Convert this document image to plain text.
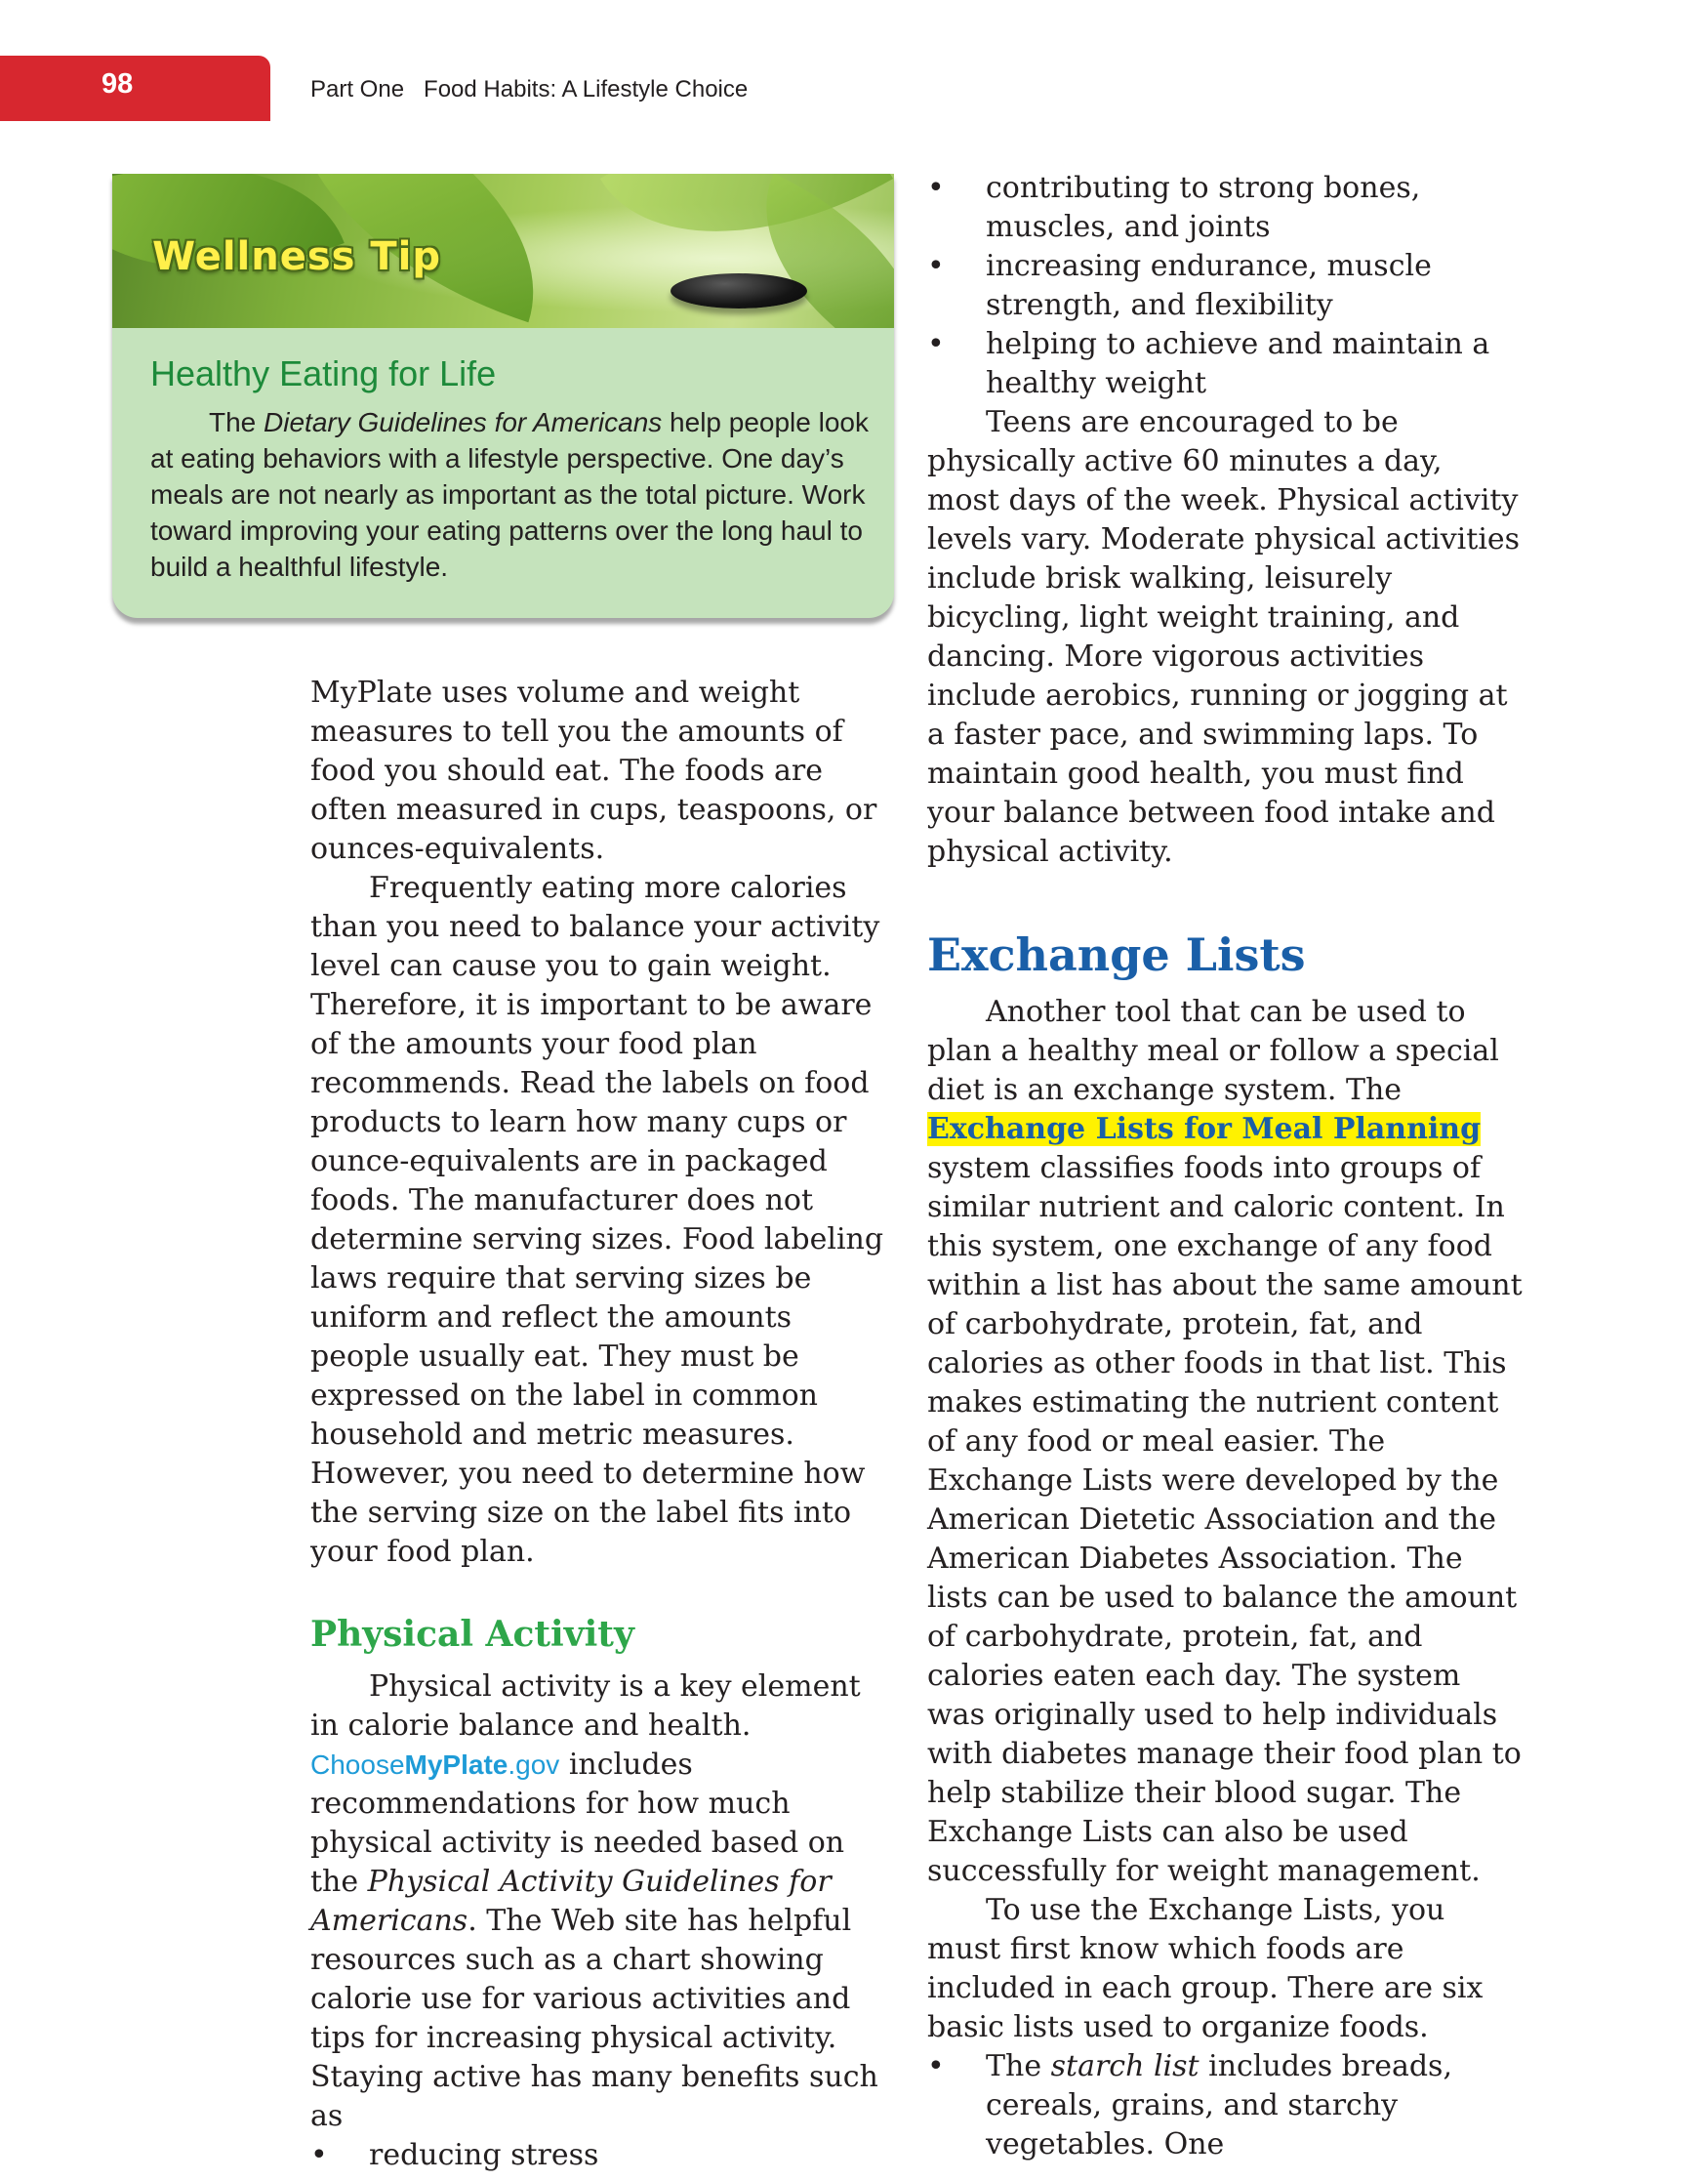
98	Part One Food Habits: A Lifestyle Choice
Wellness Tip
Healthy Eating for Life

The Dietary Guidelines for Americans help people look at eating behaviors with a lifestyle perspective. One day’s meals are not nearly as important as the total picture. Work toward improving your eating patterns over the long haul to build a healthful lifestyle.

MyPlate uses volume and weight measures to tell you the amounts of food you should eat. The foods are often measured in cups, teaspoons, or ounces-equivalents.

Frequently eating more calories than you need to balance your activity level can cause you to gain weight. Therefore, it is important to be aware of the amounts your food plan recommends. Read the labels on food products to learn how many cups or ounce-equivalents are in packaged foods. The manufacturer does not determine serving sizes. Food labeling laws require that serving sizes be uniform and reflect the amounts people usually eat. They must be expressed on the label in common household and metric measures. However, you need to determine how the serving size on the label fits into your food plan.

Physical Activity

Physical activity is a key element in calorie balance and health. ChooseMyPlate.gov includes recommendations for how much physical activity is needed based on the Physical Activity Guidelines for Americans. The Web site has helpful resources such as a chart showing calorie use for various activities and tips for increasing physical activity. Staying active has many benefits such as

• reducing stress
• contributing to strong bones, muscles, and joints
• increasing endurance, muscle strength, and flexibility
• helping to achieve and maintain a healthy weight

Teens are encouraged to be physically active 60 minutes a day, most days of the week. Physical activity levels vary. Moderate physical activities include brisk walking, leisurely bicycling, light weight training, and dancing. More vigorous activities include aerobics, running or jogging at a faster pace, and swimming laps. To maintain good health, you must find your balance between food intake and physical activity.

Exchange Lists

Another tool that can be used to plan a healthy meal or follow a special diet is an exchange system. The Exchange Lists for Meal Planning system classifies foods into groups of similar nutrient and caloric content. In this system, one exchange of any food within a list has about the same amount of carbohydrate, protein, fat, and calories as other foods in that list. This makes estimating the nutrient content of any food or meal easier. The Exchange Lists were developed by the American Dietetic Association and the American Diabetes Association. The lists can be used to balance the amount of carbohydrate, protein, fat, and calories eaten each day. The system was originally used to help individuals with diabetes manage their food plan to help stabilize their blood sugar. The Exchange Lists can also be used successfully for weight management.

To use the Exchange Lists, you must first know which foods are included in each group. There are six basic lists used to organize foods.

• The starch list includes breads, cereals, grains, and starchy vegetables. One
